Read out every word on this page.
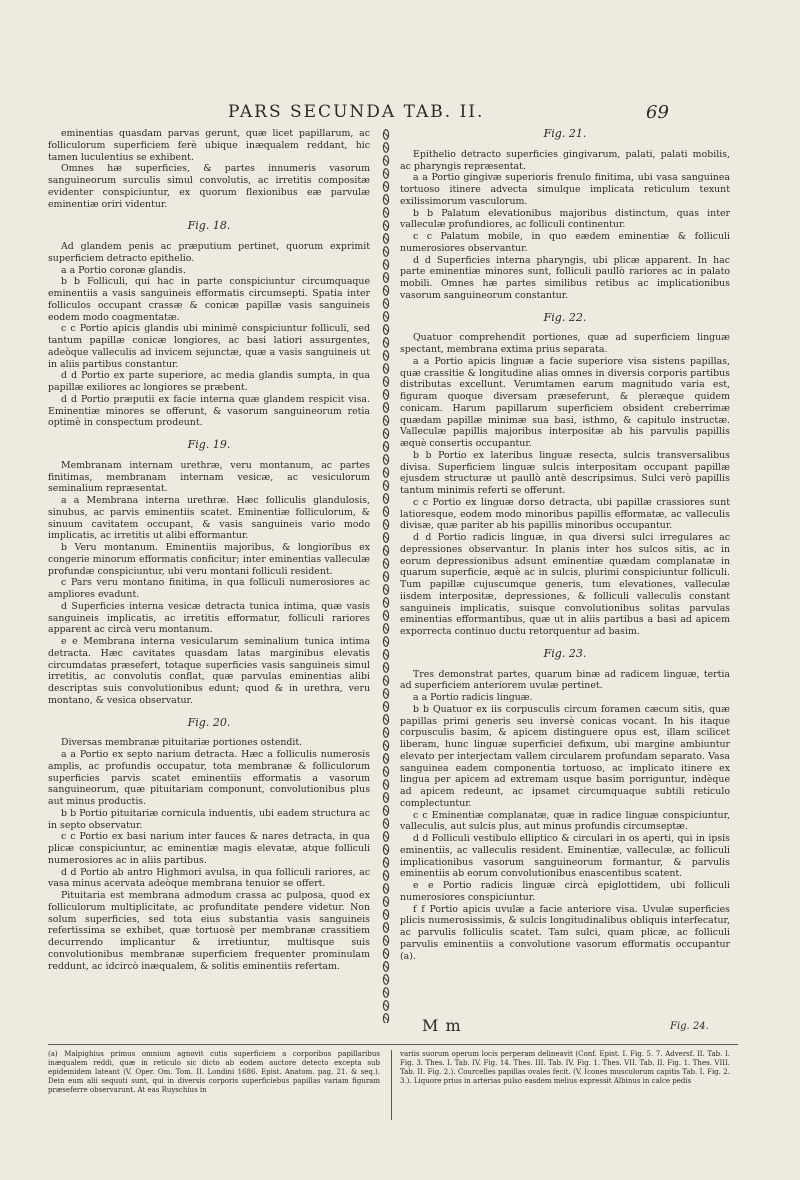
PARS SECUNDA TAB. II.	69

eminentias quasdam parvas gerunt, quæ licet papillarum, ac folliculorum superficiem ferè ubique inæqualem reddant, hic tamen luculentius se exhibent.

Omnes hæ superficies, & partes innumeris vasorum sanguineorum surculis simul convolutis, ac irretitis compositæ evidenter conspiciuntur, ex quorum flexionibus eæ parvulæ eminentiæ oriri videntur.

Fig. 18.

Ad glandem penis ac præputium pertinet, quorum exprimit superficiem detracto epithelio.

a a Portio coronæ glandis.

b b Folliculi, qui hac in parte conspiciuntur circumquaque eminentiis a vasis sanguineis efformatis circumsepti. Spatia inter folliculos occupant crassæ & conicæ papillæ vasis sanguineis eodem modo coagmentatæ.

c c Portio apicis glandis ubi minimè conspiciuntur folliculi, sed tantum papillæ conicæ longiores, ac basi latiori assurgentes, adeòque valleculis ad invicem sejunctæ, quæ a vasis sanguineis ut in aliis partibus constantur.

d d Portio ex parte superiore, ac media glandis sumpta, in qua papillæ exiliores ac longiores se præbent.

d d Portio præputii ex facie interna quæ glandem respicit visa. Eminentiæ minores se offerunt, & vasorum sanguineorum retia optimè in conspectum prodeunt.

Fig. 19.

Membranam internam urethræ, veru montanum, ac partes finitimas, membranam internam vesicæ, ac vesiculorum seminalium repræsentat.

a a Membrana interna urethræ. Hæc folliculis glandulosis, sinubus, ac parvis eminentiis scatet. Eminentiæ folliculorum, & sinuum cavitatem occupant, & vasis sanguineis vario modo implicatis, ac irretitis ut alibi efformantur.

b Veru montanum. Eminentiis majoribus, & longioribus ex congerie minorum efformatis conficitur; inter eminentias valleculæ profundæ conspiciuntur, ubi veru montani folliculi resident.

c Pars veru montano finitima, in qua folliculi numerosiores ac ampliores evadunt.

d Superficies interna vesicæ detracta tunica intima, quæ vasis sanguineis implicatis, ac irretitis efformatur, folliculi rariores apparent ac circà veru montanum.

e e Membrana interna vesicularum seminalium tunica intima detracta. Hæc cavitates quasdam latas marginibus elevatis circumdatas præsefert, totaque superficies vasis sanguineis simul irretitis, ac convolutis conflat, quæ parvulas eminentias alibi descriptas suis convolutionibus edunt; quod & in urethra, veru montano, & vesica observatur.

Fig. 20.

Diversas membranæ pituitariæ portiones ostendit.

a a Portio ex septo narium detracta. Hæc a folliculis numerosis amplis, ac profundis occupatur, tota membranæ & folliculorum superficies parvis scatet eminentiis efformatis a vasorum sanguineorum, quæ pituitariam componunt, convolutionibus plus aut minus productis.

b b Portio pituitariæ cornicula induentis, ubi eadem structura ac in septo observatur.

c c Portio ex basi narium inter fauces & nares detracta, in qua plicæ conspiciuntur, ac eminentiæ magis elevatæ, atque folliculi numerosiores ac in aliis partibus.

d d Portio ab antro Highmori avulsa, in qua folliculi rariores, ac vasa minus acervata adeòque membrana tenuior se offert.

Pituitaria est membrana admodum crassa ac pulposa, quod ex folliculorum multiplicitate, ac profunditate pendere videtur. Non solum superficies, sed tota eius substantia vasis sanguineis refertissima se exhibet, quæ tortuosè per membranæ crassitiem decurrendo implicantur & irretiuntur, multisque suis convolutionibus membranæ superficiem frequenter prominulam reddunt, ac idcircò inæqualem, & solitis eminentiis refertam.

Fig. 21.

Epithelio detracto superficies gingivarum, palati, palati mobilis, ac pharyngis repræsentat.

a a Portio gingivæ superioris frenulo finitima, ubi vasa sanguinea tortuoso itinere advecta simulque implicata reticulum texunt exilissimorum vasculorum.

b b Palatum elevationibus majoribus distinctum, quas inter valleculæ profundiores, ac folliculi continentur.

c c Palatum mobile, in quo eædem eminentiæ & folliculi numerosiores observantur.

d d Superficies interna pharyngis, ubi plicæ apparent. In hac parte eminentiæ minores sunt, folliculi paullò rariores ac in palato mobili. Omnes hæ partes similibus retibus ac implicationibus vasorum sanguineorum constantur.

Fig. 22.

Quatuor comprehendit portiones, quæ ad superficiem linguæ spectant, membrana extima prius separata.

a a Portio apicis linguæ a facie superiore visa sistens papillas, quæ crassitie & longitudine alias omnes in diversis corporis partibus distributas excellunt. Verumtamen earum magnitudo varia est, figuram quoque diversam præseferunt, & pleræque quidem conicam. Harum papillarum superficiem obsident creberrimæ quædam papillæ minimæ sua basi, isthmo, & capitulo instructæ. Valleculæ papillis majoribus interpositæ ab his parvulis papillis æquè consertis occupantur.

b b Portio ex lateribus linguæ resecta, sulcis transversalibus divisa. Superficiem linguæ sulcis interpositam occupant papillæ ejusdem structuræ ut paullò antè descripsimus. Sulci verò papillis tantum minimis referti se offerunt.

c c Portio ex linguæ dorso detracta, ubi papillæ crassiores sunt latioresque, eodem modo minoribus papillis efformatæ, ac valleculis divisæ, quæ pariter ab his papillis minoribus occupantur.

d d Portio radicis linguæ, in qua diversi sulci irregulares ac depressiones observantur. In planis inter hos sulcos sitis, ac in eorum depressionibus adsunt eminentiæ quædam complanatæ in quarum superficie, æquè ac in sulcis, plurimi conspiciuntur folliculi. Tum papillæ cujuscumque generis, tum elevationes, valleculæ iisdem interpositæ, depressiones, & folliculi valleculis constant sanguineis implicatis, suisque convolutionibus solitas parvulas eminentias efformantibus, quæ ut in aliis partibus a basi ad apicem exporrecta continuo ductu retorquentur ad basim.

Fig. 23.

Tres demonstrat partes, quarum binæ ad radicem linguæ, tertia ad superficiem anteriorem uvulæ pertinet.

a a Portio radicis linguæ.

b b Quatuor ex iis corpusculis circum foramen cæcum sitis, quæ papillas primi generis seu inversè conicas vocant. In his itaque corpusculis basim, & apicem distinguere opus est, illam scilicet liberam, hunc linguæ superficiei defixum, ubi margine ambiuntur elevato per interjectam vallem circularem profundam separato. Vasa sanguinea eadem componentia tortuoso, ac implicato itinere ex lingua per apicem ad extremam usque basim porriguntur, indèque ad apicem redeunt, ac ipsamet circumquaque subtili reticulo complectuntur.

c c Eminentiæ complanatæ, quæ in radice linguæ conspiciuntur, valleculis, aut sulcis plus, aut minus profundis circumseptæ.

d d Folliculi vestibulo elliptico & circulari in os aperti, qui in ipsis eminentiis, ac valleculis resident. Eminentiæ, valleculæ, ac folliculi implicationibus vasorum sanguineorum formantur, & parvulis eminentiis ab eorum convolutionibus enascentibus scatent.

e e Portio radicis linguæ circà epiglottidem, ubi folliculi numerosiores conspiciuntur.

f f Portio apicis uvulæ a facie anteriore visa. Uvulæ superficies plicis numerosissimis, & sulcis longitudinalibus obliquis interfecatur, ac parvulis folliculis scatet. Tam sulci, quam plicæ, ac folliculi parvulis eminentiis a convolutione vasorum efformatis occupantur (a).

M m	Fig. 24.

(a) Malpighius primus omnium agnovit cutis superficiem a corporibus papillaribus inæqualem reddi, quæ in reticulo sic dicto ab eodem auctore detecto excepta sub epidemidem lateant (V. Oper. Om. Tom. II. Londini 1686. Epist. Anatom. pag. 21. & seq.). Dein eum alii sequuti sunt, qui in diversis corporis superficiebus papillas variam figuram præseferre observarunt. At eas Ruyschius in

variis suorum operum locis perperam delineavit (Conf. Epist. I. Fig. 5. 7. Adversf. II. Tab. I. Fig. 3. Thes. I. Tab. IV. Fig. 14. Thes. III. Tab. IV. Fig. 1. Thes. VII. Tab. II. Fig. 1. Thes. VIII. Tab. II. Fig. 2.). Courcelles papillas ovales fecit. (V. Icones musculorum capitis Tab. I. Fig. 2. 3.). Liquore prius in arterias pulso easdem melius expressit Albinus in calce pedis
